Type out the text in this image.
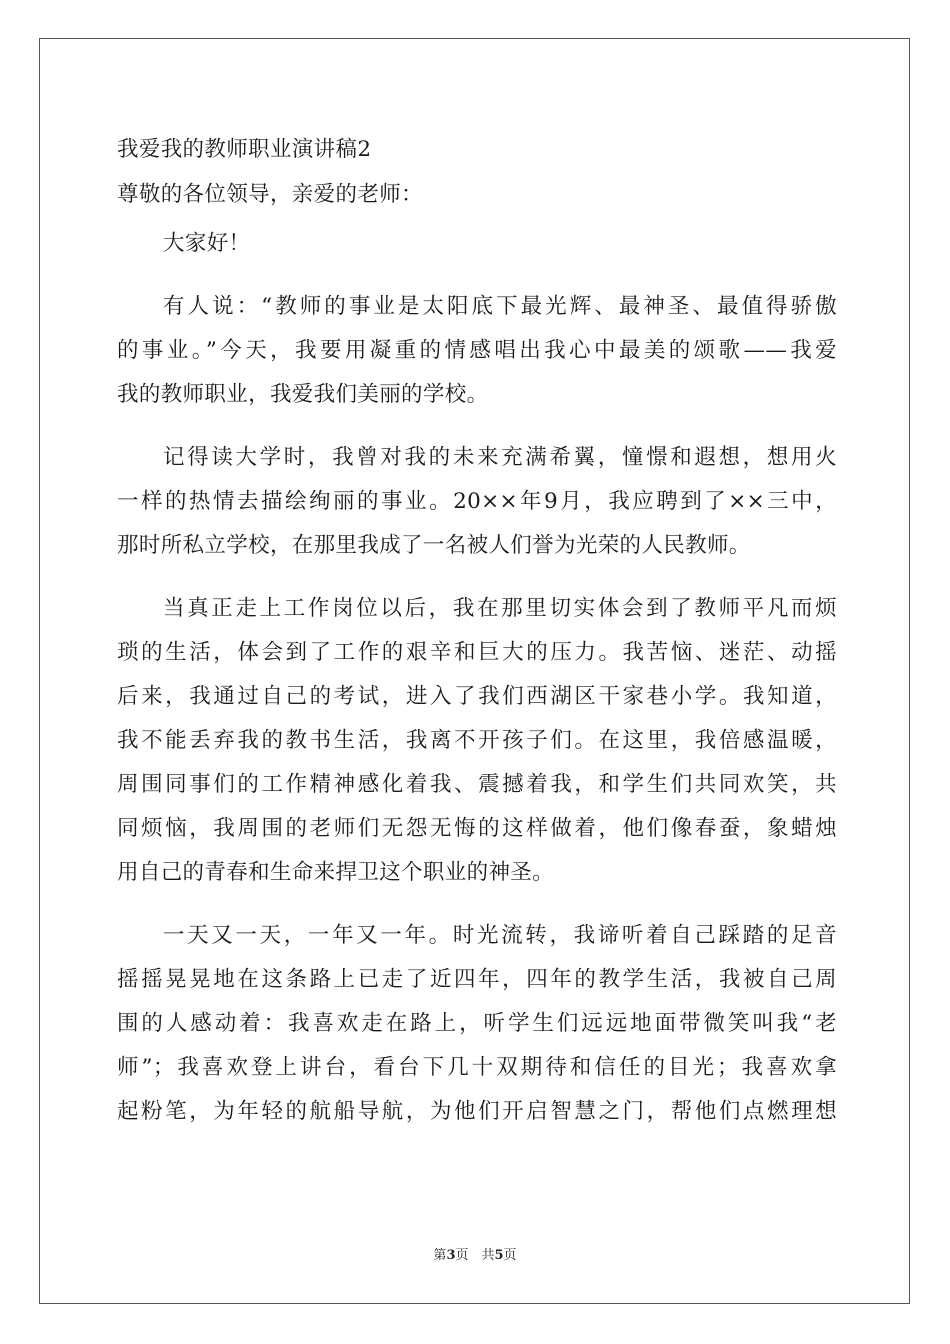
我爱我的教师职业演讲稿2
尊敬的各位领导，亲爱的老师：
大家好！
有人说：“教师的事业是太阳底下最光辉、最神圣、最值得骄傲
的事业。”今天，我要用凝重的情感唱出我心中最美的颂歌——我爱
我的教师职业，我爱我们美丽的学校。
记得读大学时，我曾对我的未来充满希翼，憧憬和遐想，想用火
一样的热情去描绘绚丽的事业。20××年9月，我应聘到了××三中，
那时所私立学校，在那里我成了一名被人们誉为光荣的人民教师。
当真正走上工作岗位以后，我在那里切实体会到了教师平凡而烦
琐的生活，体会到了工作的艰辛和巨大的压力。我苦恼、迷茫、动摇
后来，我通过自己的考试，进入了我们西湖区干家巷小学。我知道，
我不能丢弃我的教书生活，我离不开孩子们。在这里，我倍感温暖，
周围同事们的工作精神感化着我、震撼着我，和学生们共同欢笑，共
同烦恼，我周围的老师们无怨无悔的这样做着，他们像春蚕，象蜡烛
用自己的青春和生命来捍卫这个职业的神圣。
一天又一天，一年又一年。时光流转，我谛听着自己踩踏的足音
摇摇晃晃地在这条路上已走了近四年，四年的教学生活，我被自己周
围的人感动着：我喜欢走在路上，听学生们远远地面带微笑叫我“老
师”；我喜欢登上讲台，看台下几十双期待和信任的目光；我喜欢拿
起粉笔，为年轻的航船导航，为他们开启智慧之门，帮他们点燃理想
第3页　共5页
